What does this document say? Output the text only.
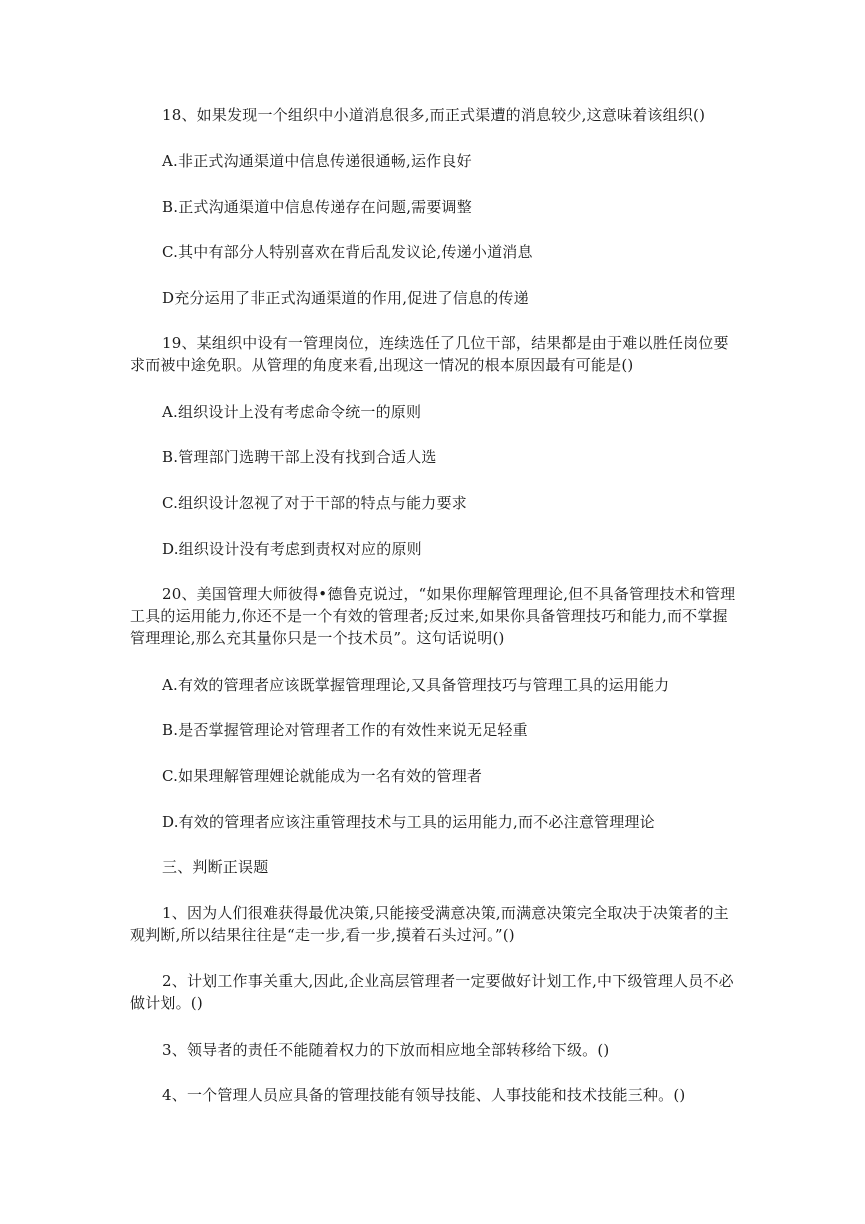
18、如果发现一个组织中小道消息很多,而正式渠遭的消息较少,这意味着该组织()

A.非正式沟通渠道中信息传递很通畅,运作良好

B.正式沟通渠道中信息传递存在问题,需要调整

C.其中有部分人特别喜欢在背后乱发议论,传递小道消息

D充分运用了非正式沟通渠道的作用,促进了信息的传递

19、某组织中设有一管理岗位，连续选任了几位干部，结果都是由于难以胜任岗位要求而被中途免职。从管理的角度来看,出现这一情况的根本原因最有可能是()

A.组织设计上没有考虑命令统一的原则

B.管理部门选聘干部上没有找到合适人选

C.组织设计忽视了对于干部的特点与能力要求

D.组织设计没有考虑到责权对应的原则

20、美国管理大师彼得•德鲁克说过，“如果你理解管理理论,但不具备管理技术和管理工具的运用能力,你还不是一个有效的管理者;反过来,如果你具备管理技巧和能力,而不掌握管理理论,那么充其量你只是一个技术员”。这句话说明()

A.有效的管理者应该既掌握管理理论,又具备管理技巧与管理工具的运用能力

B.是否掌握管理论对管理者工作的有效性来说无足轻重

C.如果理解管理娌论就能成为一名有效的管理者

D.有效的管理者应该注重管理技术与工具的运用能力,而不必注意管理理论

三、判断正误题

1、因为人们很难获得最优决策,只能接受满意决策,而满意决策完全取决于决策者的主观判断,所以结果往往是“走一步,看一步,摸着石头过河。”()

2、计划工作事关重大,因此,企业高层管理者一定要做好计划工作,中下级管理人员不必做计划。()

3、领导者的责任不能随着权力的下放而相应地全部转移给下级。()

4、一个管理人员应具备的管理技能有领导技能、人事技能和技术技能三种。()
